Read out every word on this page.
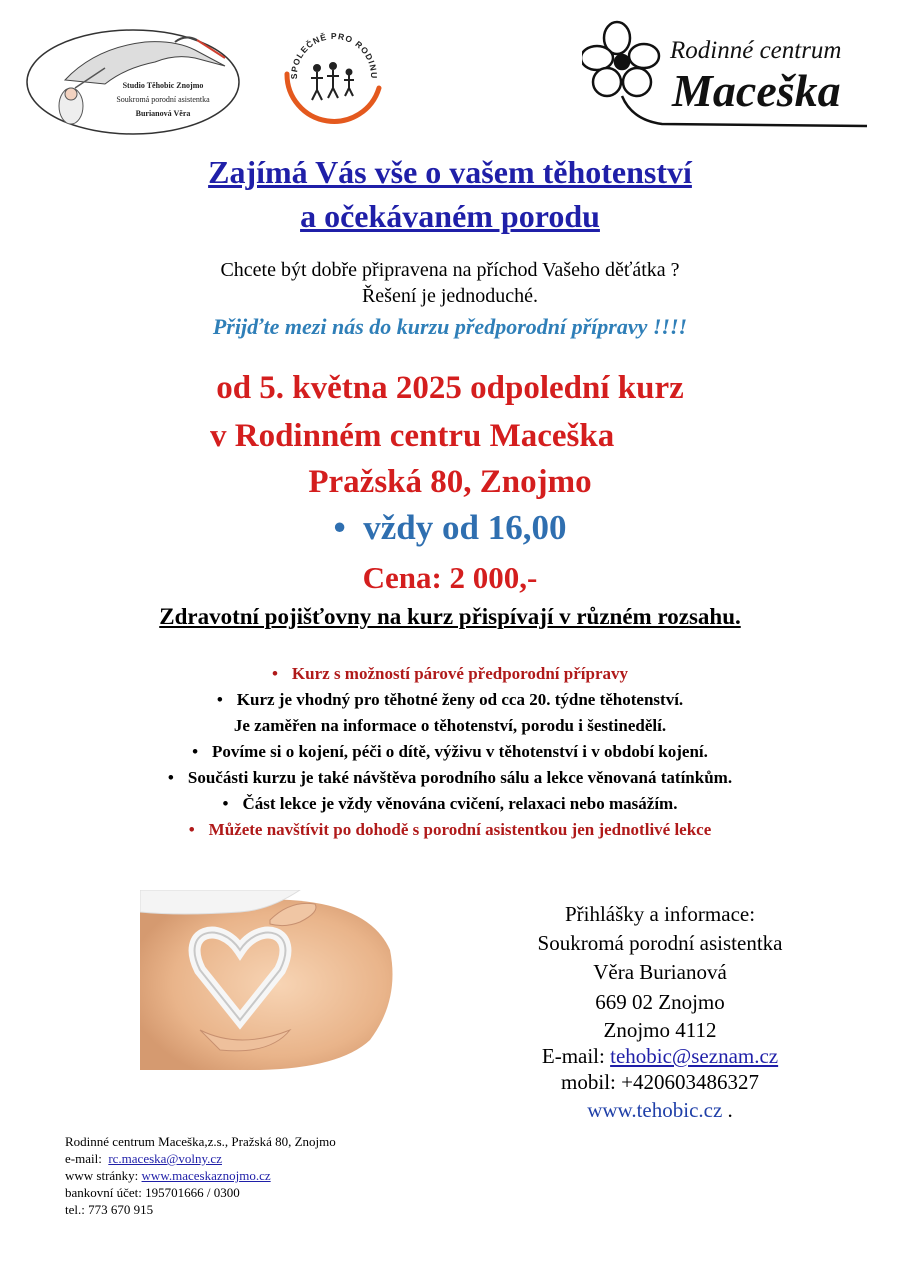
Studio Těhobic Znojmo
Soukromá porodní asistentka
Burianová Věra
SPOLEČNĚ PRO RODINU
Rodinné centrum
Maceška
Zajímá Vás vše o vašem těhotenství
a očekávaném porodu
Chcete být dobře připravena na příchod Vašeho děťátka ?
Řešení je jednoduché.
Přijďte mezi nás do kurzu předporodní přípravy !!!!
od 5. května 2025 odpolední kurz
v Rodinném centru Maceška
Pražská 80, Znojmo
•  vždy od 16,00
Cena: 2 000,-
Zdravotní pojišťovny na kurz přispívají v různém rozsahu.
• Kurz s možností párové předporodní přípravy
• Kurz je vhodný pro těhotné ženy od cca 20. týdne těhotenství.
Je zaměřen na informace o těhotenství, porodu i šestinedělí.
• Povíme si o kojení, péči o dítě, výživu v těhotenství i v období kojení.
• Součásti kurzu je také návštěva porodního sálu a lekce věnovaná tatínkům.
• Část lekce je vždy věnována cvičení, relaxaci nebo masážím.
• Můžete navštívit po dohodě s porodní asistentkou jen jednotlivé lekce
Přihlášky a informace:
Soukromá porodní asistentka
Věra Burianová
669 02 Znojmo
Znojmo 4112
E-mail: tehobic@seznam.cz
mobil: +420603486327
www.tehobic.cz .
Rodinné centrum Maceška,z.s., Pražská 80, Znojmo
e-mail: rc.maceska@volny.cz
www stránky: www.maceskaznojmo.cz
bankovní účet: 195701666 / 0300
tel.: 773 670 915
